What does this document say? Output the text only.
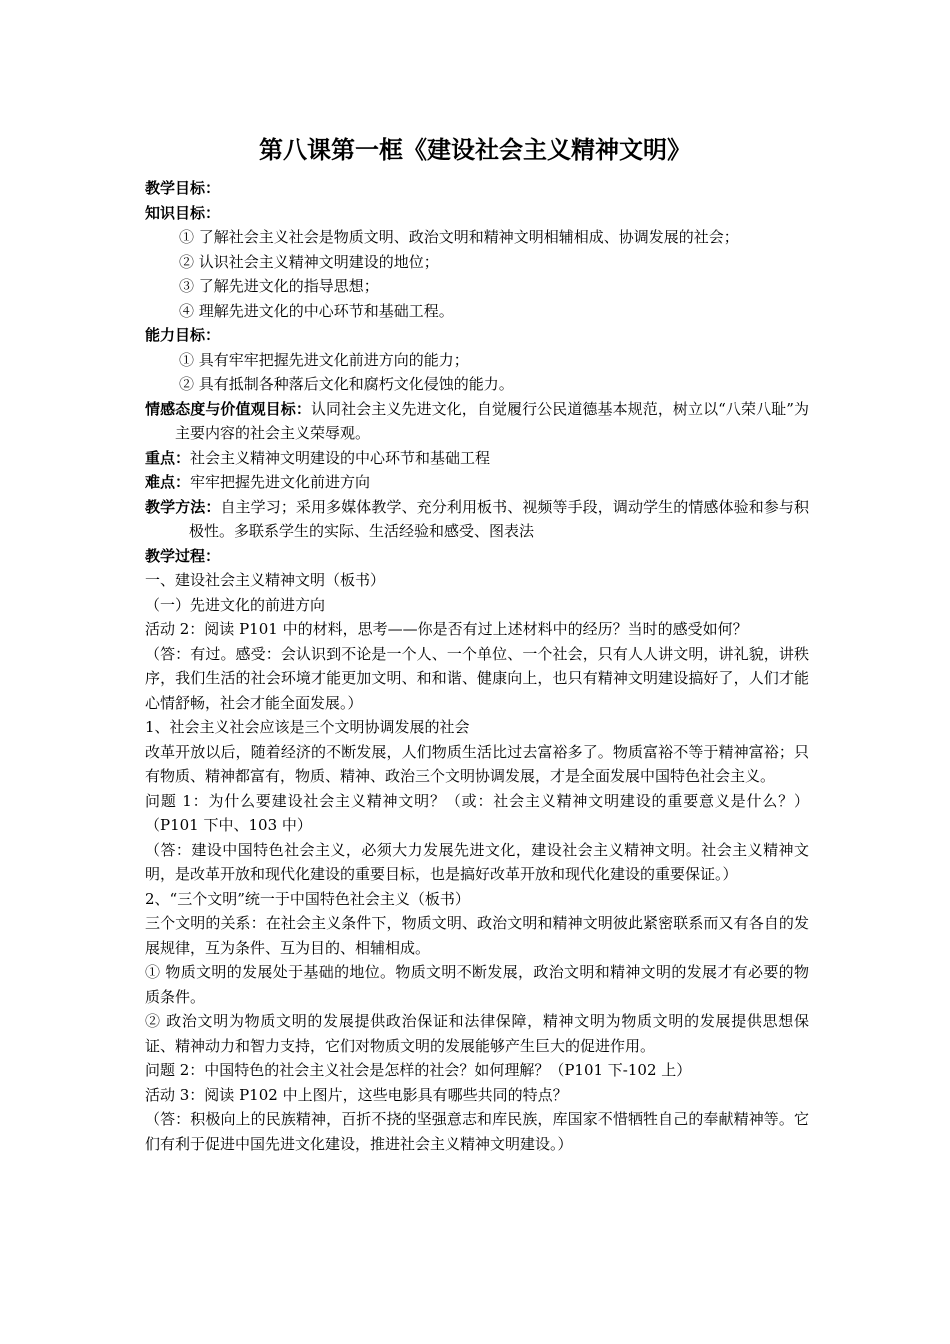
第八课第一框《建设社会主义精神文明》

教学目标：

知识目标：

① 了解社会主义社会是物质文明、政治文明和精神文明相辅相成、协调发展的社会；

② 认识社会主义精神文明建设的地位；

③ 了解先进文化的指导思想；

④ 理解先进文化的中心环节和基础工程。

能力目标：

① 具有牢牢把握先进文化前进方向的能力；

② 具有抵制各种落后文化和腐朽文化侵蚀的能力。

情感态度与价值观目标：认同社会主义先进文化，自觉履行公民道德基本规范，树立以“八荣八耻”为主要内容的社会主义荣辱观。

重点：社会主义精神文明建设的中心环节和基础工程

难点：牢牢把握先进文化前进方向

教学方法：自主学习；采用多媒体教学、充分利用板书、视频等手段，调动学生的情感体验和参与积极性。多联系学生的实际、生活经验和感受、图表法

教学过程：

一、建设社会主义精神文明（板书）

（一）先进文化的前进方向

活动 2：阅读 P101 中的材料，思考——你是否有过上述材料中的经历？当时的感受如何？

（答：有过。感受：会认识到不论是一个人、一个单位、一个社会，只有人人讲文明，讲礼貌，讲秩序，我们生活的社会环境才能更加文明、和和谐、健康向上，也只有精神文明建设搞好了，人们才能心情舒畅，社会才能全面发展。）

1、社会主义社会应该是三个文明协调发展的社会

改革开放以后，随着经济的不断发展，人们物质生活比过去富裕多了。物质富裕不等于精神富裕；只有物质、精神都富有，物质、精神、政治三个文明协调发展，才是全面发展中国特色社会主义。

问题 1：为什么要建设社会主义精神文明？（或：社会主义精神文明建设的重要意义是什么？）（P101 下中、103 中）

（答：建设中国特色社会主义，必须大力发展先进文化，建设社会主义精神文明。社会主义精神文明，是改革开放和现代化建设的重要目标，也是搞好改革开放和现代化建设的重要保证。）

2、“三个文明”统一于中国特色社会主义（板书）

三个文明的关系：在社会主义条件下，物质文明、政治文明和精神文明彼此紧密联系而又有各自的发展规律，互为条件、互为目的、相辅相成。

① 物质文明的发展处于基础的地位。物质文明不断发展，政治文明和精神文明的发展才有必要的物质条件。

② 政治文明为物质文明的发展提供政治保证和法律保障，精神文明为物质文明的发展提供思想保证、精神动力和智力支持，它们对物质文明的发展能够产生巨大的促进作用。

问题 2：中国特色的社会主义社会是怎样的社会？如何理解？（P101 下-102 上）

活动 3：阅读 P102 中上图片，这些电影具有哪些共同的特点？

（答：积极向上的民族精神，百折不挠的坚强意志和库民族，库国家不惜牺牲自己的奉献精神等。它们有利于促进中国先进文化建设，推进社会主义精神文明建设。）
